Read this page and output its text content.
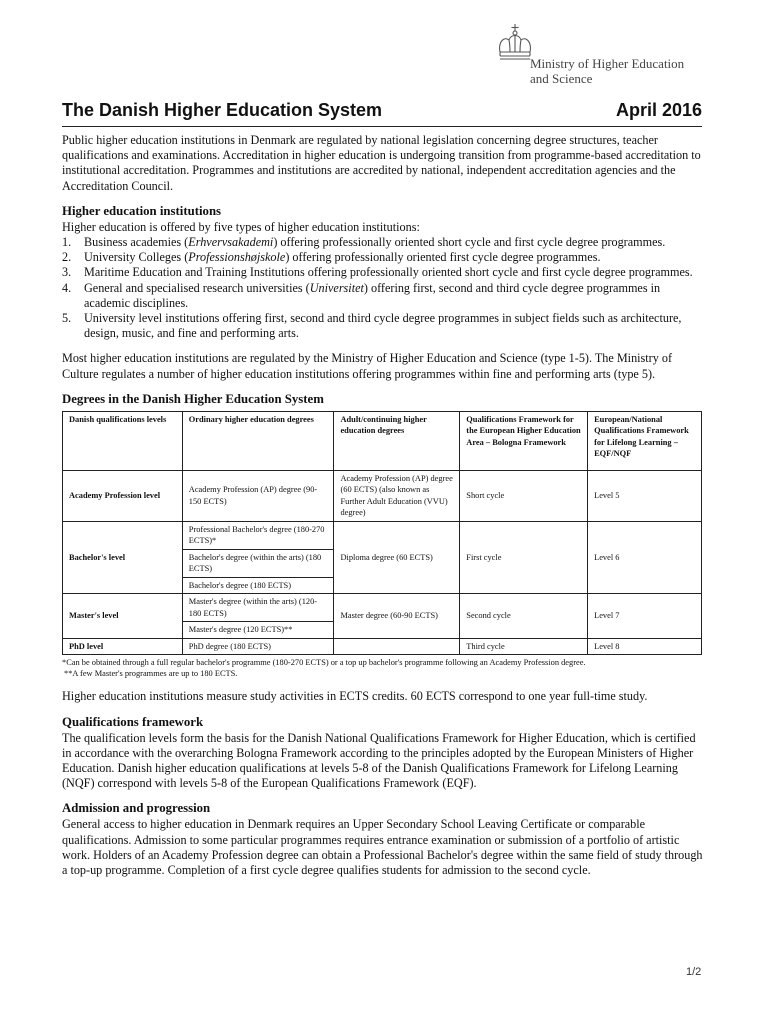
Ministry of Higher Education
and Science
The Danish Higher Education System	April 2016

Public higher education institutions in Denmark are regulated by national legislation concerning degree structures, teacher qualifications and examinations. Accreditation in higher education is undergoing transition from programme-based accreditation to institutional accreditation. Programmes and institutions are accredited by national, independent accreditation agencies and the Accreditation Council.

Higher education institutions
Higher education is offered by five types of higher education institutions:
1. Business academies (Erhvervsakademi) offering professionally oriented short cycle and first cycle degree programmes.
2. University Colleges (Professionshøjskole) offering professionally oriented first cycle degree programmes.
3. Maritime Education and Training Institutions offering professionally oriented short cycle and first cycle degree programmes.
4. General and specialised research universities (Universitet) offering first, second and third cycle degree programmes in academic disciplines.
5. University level institutions offering first, second and third cycle degree programmes in subject fields such as architecture, design, music, and fine and performing arts.

Most higher education institutions are regulated by the Ministry of Higher Education and Science (type 1-5). The Ministry of Culture regulates a number of higher education institutions offering programmes within fine and performing arts (type 5).

Degrees in the Danish Higher Education System
Danish qualifications levels	Ordinary higher education degrees	Adult/continuing higher education degrees	Qualifications Framework for the European Higher Education Area – Bologna Framework	European/National Qualifications Framework for Lifelong Learning – EQF/NQF
Academy Profession level	Academy Profession (AP) degree (90-150 ECTS)	Academy Profession (AP) degree (60 ECTS) (also known as Further Adult Education (VVU) degree)	Short cycle	Level 5
Bachelor's level	Professional Bachelor's degree (180-270 ECTS)*	Diploma degree (60 ECTS)	First cycle	Level 6
	Bachelor's degree (within the arts) (180 ECTS)			
	Bachelor's degree (180 ECTS)			
Master's level	Master's degree (within the arts) (120-180 ECTS)	Master degree (60-90 ECTS)	Second cycle	Level 7
	Master's degree (120 ECTS)**			
PhD level	PhD degree (180 ECTS)		Third cycle	Level 8
*Can be obtained through a full regular bachelor's programme (180-270 ECTS) or a top up bachelor's programme following an Academy Profession degree.
**A few Master's programmes are up to 180 ECTS.

Higher education institutions measure study activities in ECTS credits. 60 ECTS correspond to one year full-time study.

Qualifications framework

The qualification levels form the basis for the Danish National Qualifications Framework for Higher Education, which is certified in accordance with the overarching Bologna Framework according to the principles adopted by the European Ministers of Higher Education. Danish higher education qualifications at levels 5-8 of the Danish Qualifications Framework for Lifelong Learning (NQF) correspond with levels 5-8 of the European Qualifications Framework (EQF).

Admission and progression

General access to higher education in Denmark requires an Upper Secondary School Leaving Certificate or comparable qualifications. Admission to some particular programmes requires entrance examination or submission of a portfolio of artistic work. Holders of an Academy Profession degree can obtain a Professional Bachelor's degree within the same field of study through a top-up programme. Completion of a first cycle degree qualifies students for admission to the second cycle.

1/2
